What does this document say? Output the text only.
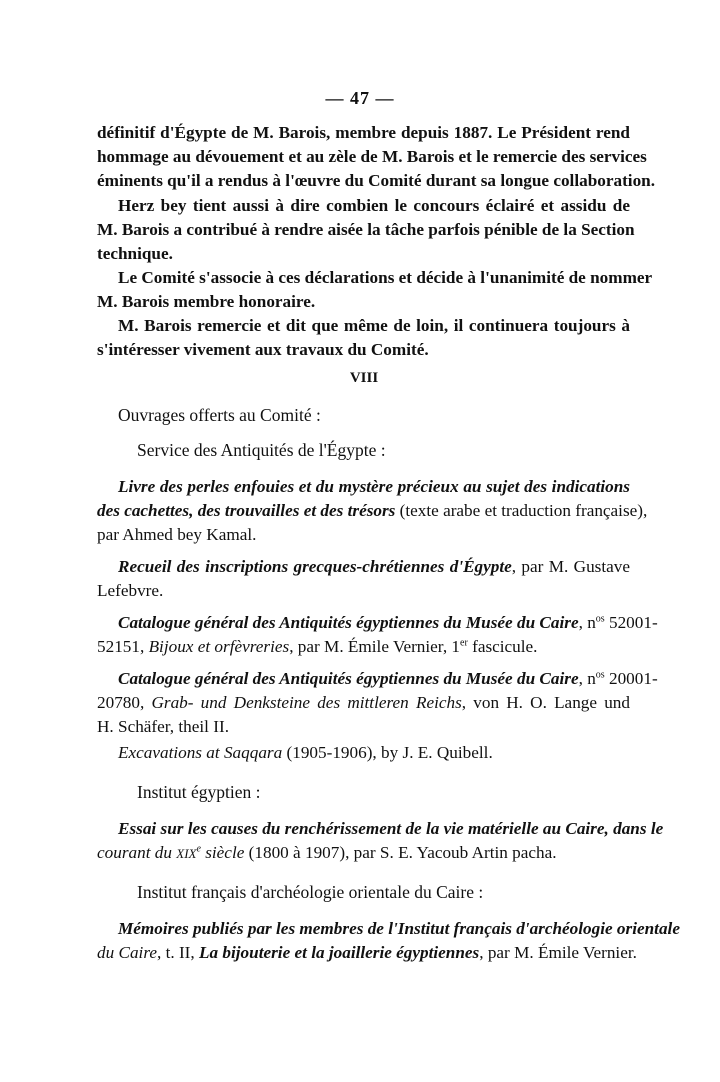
— 47 —
définitif d'Égypte de M. Barois, membre depuis 1887. Le Président rend
hommage au dévouement et au zèle de M. Barois et le remercie des services
éminents qu'il a rendus à l'œuvre du Comité durant sa longue collaboration.
Herz bey tient aussi à dire combien le concours éclairé et assidu de
M. Barois a contribué à rendre aisée la tâche parfois pénible de la Section
technique.
Le Comité s'associe à ces déclarations et décide à l'unanimité de nommer
M. Barois membre honoraire.
M. Barois remercie et dit que même de loin, il continuera toujours à
s'intéresser vivement aux travaux du Comité.
VIII
Ouvrages offerts au Comité :
Service des Antiquités de l'Égypte :
Livre des perles enfouies et du mystère précieux au sujet des indications
des cachettes, des trouvailles et des trésors (texte arabe et traduction française),
par Ahmed bey Kamal.
Recueil des inscriptions grecques-chrétiennes d'Égypte, par M. Gustave
Lefebvre.
Catalogue général des Antiquités égyptiennes du Musée du Caire, $n^{os}$ 52001-
52151, Bijoux et orfèvreries, par M. Émile Vernier, 1er fascicule.
Catalogue général des Antiquités égyptiennes du Musée du Caire, $n^{os}$ 20001-
20780, Grab- und Denksteine des mittleren Reichs, von H. O. Lange und
H. Schäfer, theil II.
Excavations at Saqqara (1905-1906), by J. E. Quibell.
Institut égyptien :
Essai sur les causes du renchérissement de la vie matérielle au Caire, dans le
courant du XIXe siècle (1800 à 1907), par S. E. Yacoub Artin pacha.
Institut français d'archéologie orientale du Caire :
Mémoires publiés par les membres de l'Institut français d'archéologie orientale
du Caire, t. II, La bijouterie et la joaillerie égyptiennes, par M. Émile Vernier.
